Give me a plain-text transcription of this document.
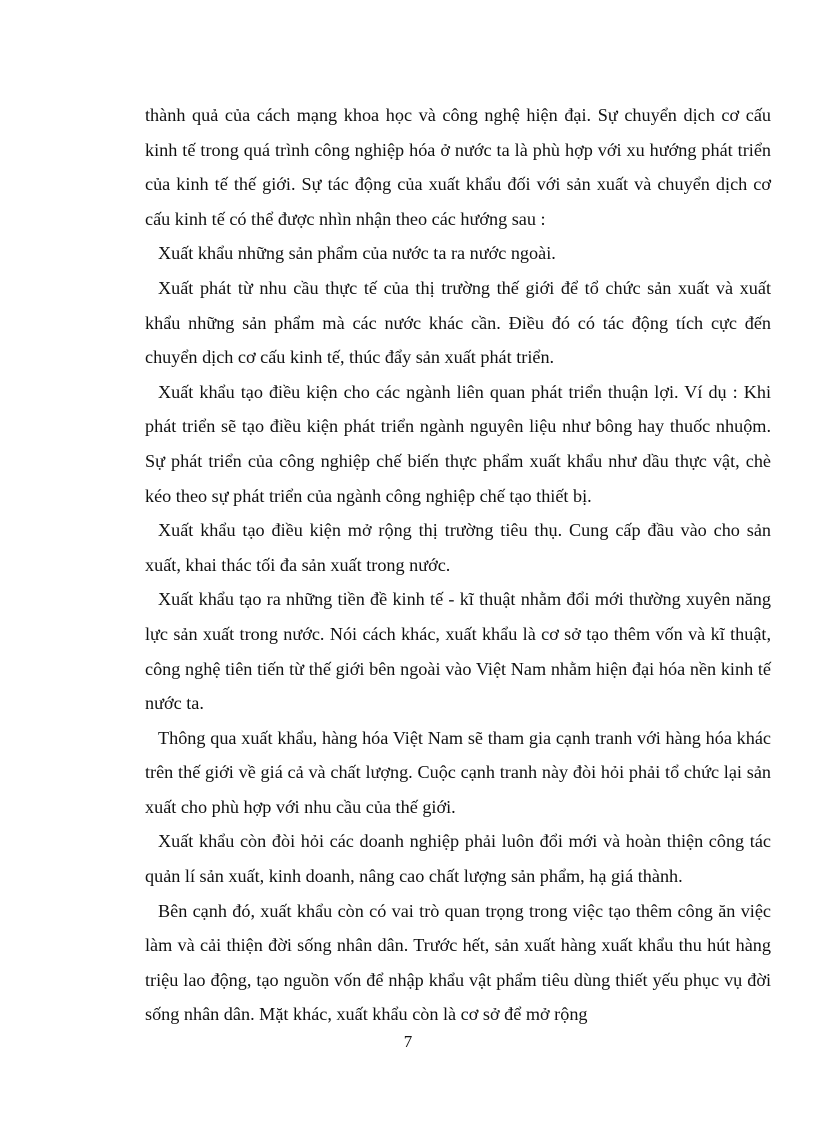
thành quả của cách mạng khoa học và công nghệ hiện đại. Sự chuyển dịch cơ cấu kinh tế trong quá trình công nghiệp hóa ở nước ta là phù hợp với xu hướng phát triển của kinh tế thế giới. Sự tác động của xuất khẩu đối với sản xuất và chuyển dịch cơ cấu kinh tế có thể được nhìn nhận theo các hướng sau :

Xuất khẩu những sản phẩm của nước ta ra nước ngoài.

Xuất phát từ nhu cầu thực tế của thị trường thế giới để tổ chức sản xuất và xuất khẩu những sản phẩm mà các nước khác cần. Điều đó có tác động tích cực đến chuyển dịch cơ cấu kinh tế, thúc đẩy sản xuất phát triển.

Xuất khẩu tạo điều kiện cho các ngành liên quan phát triển thuận lợi. Ví dụ : Khi phát triển sẽ tạo điều kiện phát triển ngành nguyên liệu như bông hay thuốc nhuộm. Sự phát triển của công nghiệp chế biến thực phẩm xuất khẩu như dầu thực vật, chè kéo theo sự phát triển của ngành công nghiệp chế tạo thiết bị.

Xuất khẩu tạo điều kiện mở rộng thị trường tiêu thụ. Cung cấp đầu vào cho sản xuất, khai thác tối đa sản xuất trong nước.

Xuất khẩu tạo ra những tiền đề kinh tế - kĩ thuật nhằm đổi mới thường xuyên năng lực sản xuất trong nước. Nói cách khác, xuất khẩu là cơ sở tạo thêm vốn và kĩ thuật, công nghệ tiên tiến từ thế giới bên ngoài vào Việt Nam nhằm hiện đại hóa nền kinh tế nước ta.

Thông qua xuất khẩu, hàng hóa Việt Nam sẽ tham gia cạnh tranh với hàng hóa khác trên thế giới về giá cả và chất lượng. Cuộc cạnh tranh này đòi hỏi phải tổ chức lại sản xuất cho phù hợp với nhu cầu của thế giới.

Xuất khẩu còn đòi hỏi các doanh nghiệp phải luôn đổi mới và hoàn thiện công tác quản lí sản xuất, kinh doanh, nâng cao chất lượng sản phẩm, hạ giá thành.

Bên cạnh đó, xuất khẩu còn có vai trò quan trọng trong việc tạo thêm công ăn việc làm và cải thiện đời sống nhân dân. Trước hết, sản xuất hàng xuất khẩu thu hút hàng triệu lao động, tạo nguồn vốn để nhập khẩu vật phẩm tiêu dùng thiết yếu phục vụ đời sống nhân dân. Mặt khác, xuất khẩu còn là cơ sở để mở rộng

7
